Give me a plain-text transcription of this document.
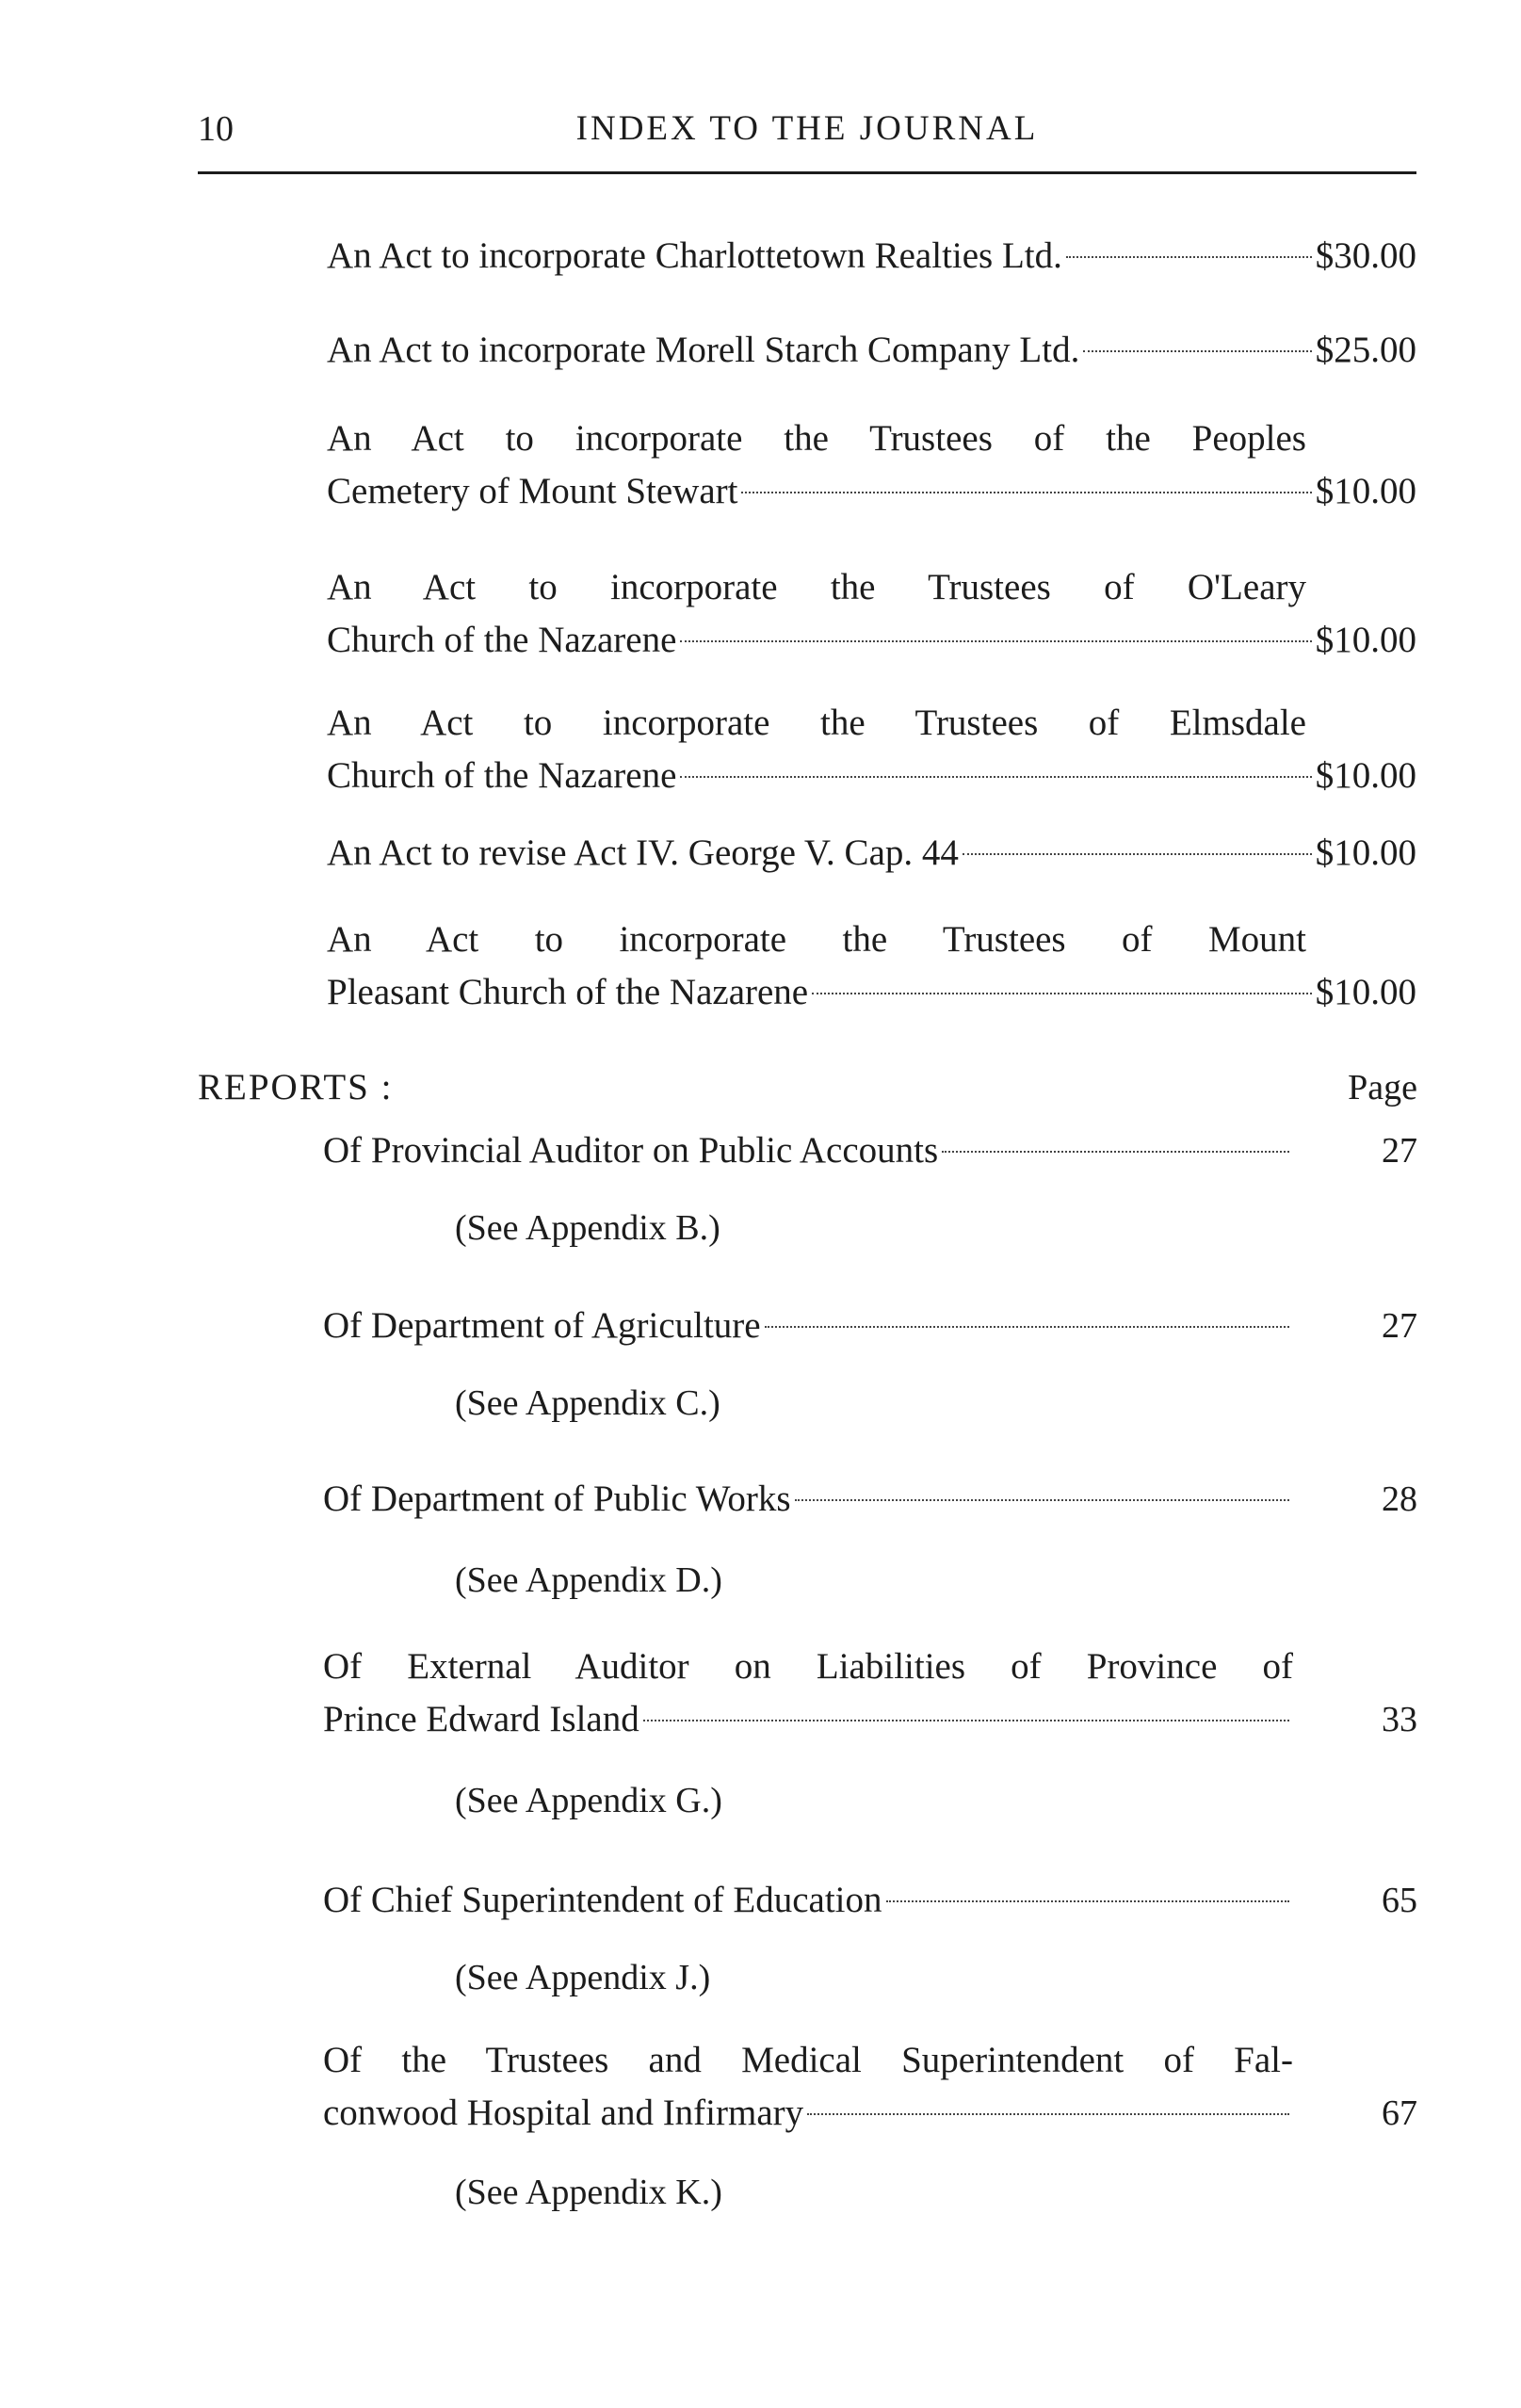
10	INDEX TO THE JOURNAL
An Act to incorporate Charlottetown Realties Ltd.	$30.00
An Act to incorporate Morell Starch Company Ltd.	$25.00
An Act to incorporate the Trustees of the Peoples
Cemetery of Mount Stewart	$10.00
An Act to incorporate the Trustees of O'Leary
Church of the Nazarene	$10.00
An Act to incorporate the Trustees of Elmsdale
Church of the Nazarene	$10.00
An Act to revise Act IV. George V. Cap. 44	$10.00
An Act to incorporate the Trustees of Mount
Pleasant Church of the Nazarene	$10.00
REPORTS :	Page
Of Provincial Auditor on Public Accounts	27
(See Appendix B.)
Of Department of Agriculture	27
(See Appendix C.)
Of Department of Public Works	28
(See Appendix D.)
Of External Auditor on Liabilities of Province of
Prince Edward Island	33
(See Appendix G.)
Of Chief Superintendent of Education	65
(See Appendix J.)
Of the Trustees and Medical Superintendent of Fal-
conwood Hospital and Infirmary	67
(See Appendix K.)
